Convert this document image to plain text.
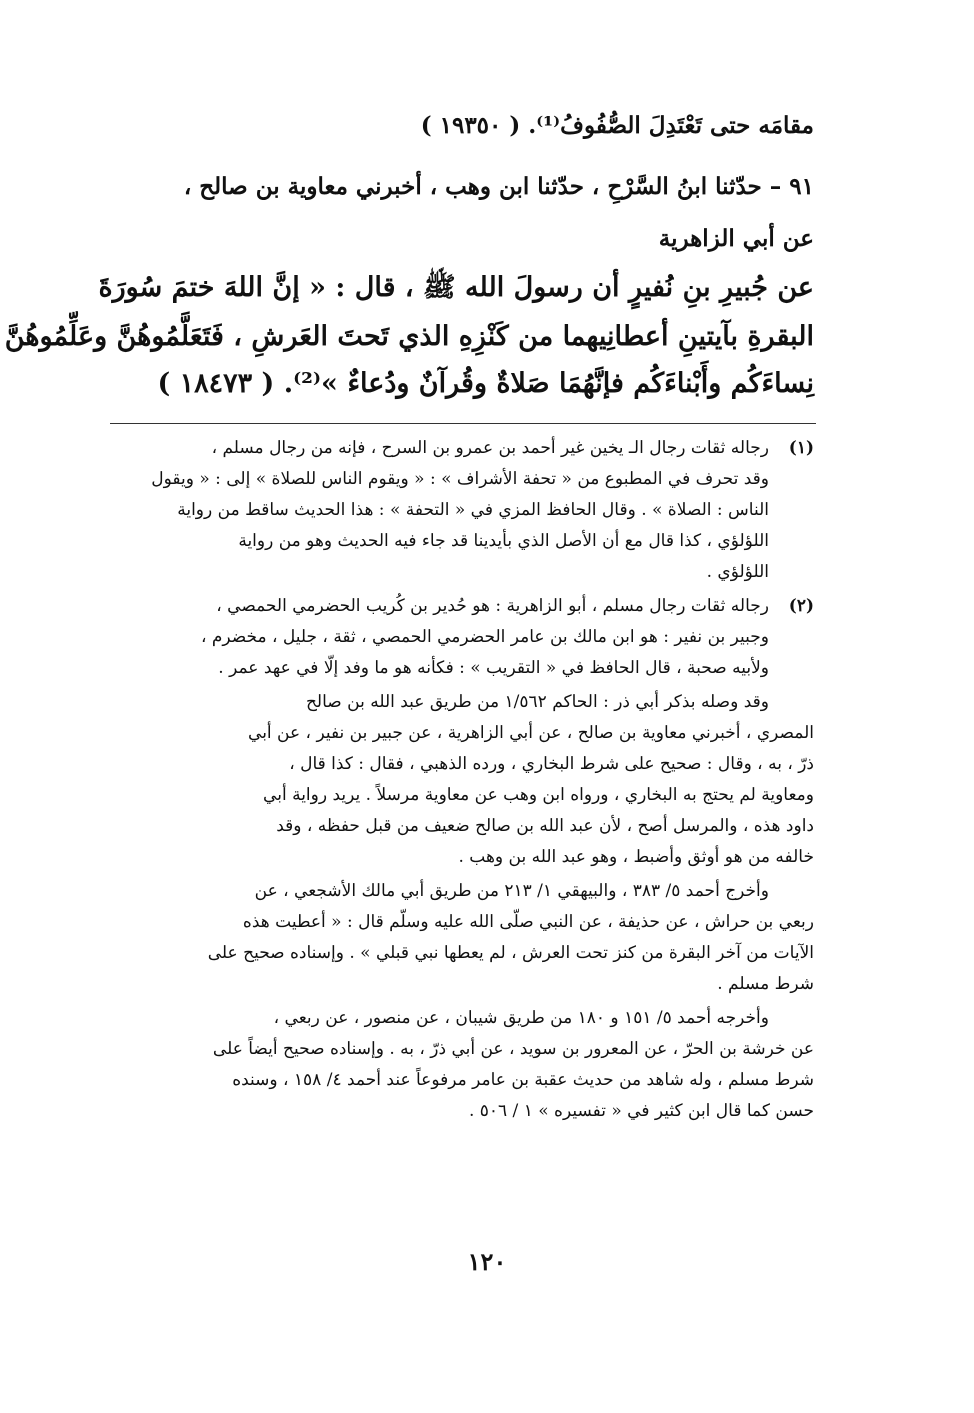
مقامَه حتى تَعْتَدِلَ الصُّفُوفُ⁽¹⁾. ( ١٩٣٥٠ )
٩١ – حدّثنا ابنُ السَّرْحِ ، حدّثنا ابن وهب ، أخبرني معاوية بن صالح ،
عن أبي الزاهرية
عن جُبيرِ بنِ نُفيرٍ أن رسولَ الله ﷺ ، قال : « إنَّ اللهَ ختمَ سُورَةَ
البقرةِ بآيتينِ أعطانِيهما من كَنْزِهِ الذي تَحتَ العَرشِ ، فَتَعَلَّمُوهُنَّ وعَلِّمُوهُنَّ
نِساءَكُم وأَبْناءَكُم فإنَّهُمَا صَلاةٌ وقُرآنٌ ودُعاءٌ »⁽²⁾. ( ١٨٤٧٣ )
(١)
رجاله ثقات رجال الـ يخين غير أحمد بن عمرو بن السرح ، فإنه من رجال مسلم ،
وقد تحرف في المطبوع من « تحفة الأشراف » : « ويقوم الناس للصلاة » إلى : « ويقول
الناس : الصلاة » . وقال الحافظ المزي في « التحفة » : هذا الحديث ساقط من رواية
اللؤلؤي ، كذا قال مع أن الأصل الذي بأيدينا قد جاء فيه الحديث وهو من رواية
اللؤلؤي .
(٢)
رجاله ثقات رجال مسلم ، أبو الزاهرية : هو حُدير بن كُريب الحضرمي الحمصي ،
وجبير بن نفير : هو ابن مالك بن عامر الحضرمي الحمصي ، ثقة ، جليل ، مخضرم ،
ولأبيه صحبة ، قال الحافظ في « التقريب » : فكأنه هو ما وفد إلّا في عهد عمر .
وقد وصله بذكر أبي ذر : الحاكم ١/٥٦٢ من طريق عبد الله بن صالح
المصري ، أخبرني معاوية بن صالح ، عن أبي الزاهرية ، عن جبير بن نفير ، عن أبي
ذرّ ، به ، وقال : صحيح على شرط البخاري ، ورده الذهبي ، فقال : كذا قال ،
ومعاوية لم يحتج به البخاري ، ورواه ابن وهب عن معاوية مرسلاً . يريد رواية أبي
داود هذه ، والمرسل أصح ، لأن عبد الله بن صالح ضعيف من قبل حفظه ، وقد
خالفه من هو أوثق وأضبط ، وهو عبد الله بن وهب .
وأخرج أحمد ٥/ ٣٨٣ ، والبيهقي ١/ ٢١٣ من طريق أبي مالك الأشجعي ، عن
ربعي بن حراش ، عن حذيفة ، عن النبي صلّى الله عليه وسلّم قال : « أعطيت هذه
الآيات من آخر البقرة من كنز تحت العرش ، لم يعطها نبي قبلي » . وإسناده صحيح على
شرط مسلم .
وأخرجه أحمد ٥/ ١٥١ و ١٨٠ من طريق شيبان ، عن منصور ، عن ربعي ،
عن خرشة بن الحرّ ، عن المعرور بن سويد ، عن أبي ذرّ ، به . وإسناده صحيح أيضاً على
شرط مسلم ، وله شاهد من حديث عقبة بن عامر مرفوعاً عند أحمد ٤/ ١٥٨ ، وسنده
حسن كما قال ابن كثير في « تفسيره » ١ / ٥٠٦ .
١٢٠
